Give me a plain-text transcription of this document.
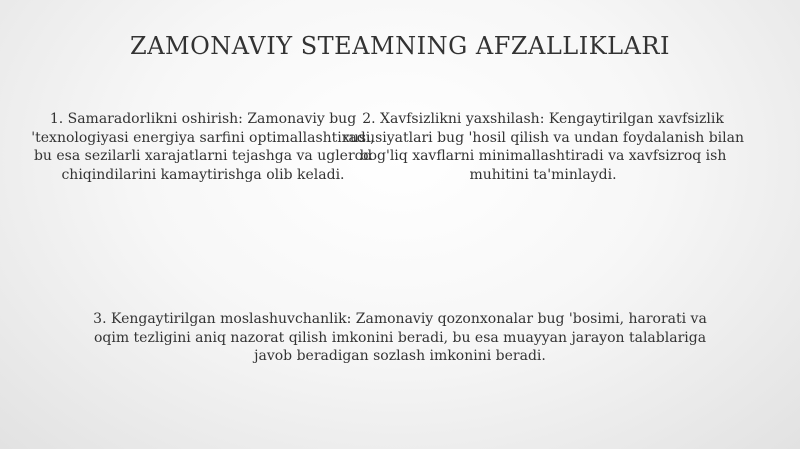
ZAMONAVIY STEAMNING AFZALLIKLARI

1. Samaradorlikni oshirish: Zamonaviy bug 'texnologiyasi energiya sarfini optimallashtiradi, bu esa sezilarli xarajatlarni tejashga va uglerod chiqindilarini kamaytirishga olib keladi.

2. Xavfsizlikni yaxshilash: Kengaytirilgan xavfsizlik xususiyatlari bug 'hosil qilish va undan foydalanish bilan bog'liq xavflarni minimallashtiradi va xavfsizroq ish muhitini ta'minlaydi.

3. Kengaytirilgan moslashuvchanlik: Zamonaviy qozonxonalar bug 'bosimi, harorati va oqim tezligini aniq nazorat qilish imkonini beradi, bu esa muayyan jarayon talablariga javob beradigan sozlash imkonini beradi.
